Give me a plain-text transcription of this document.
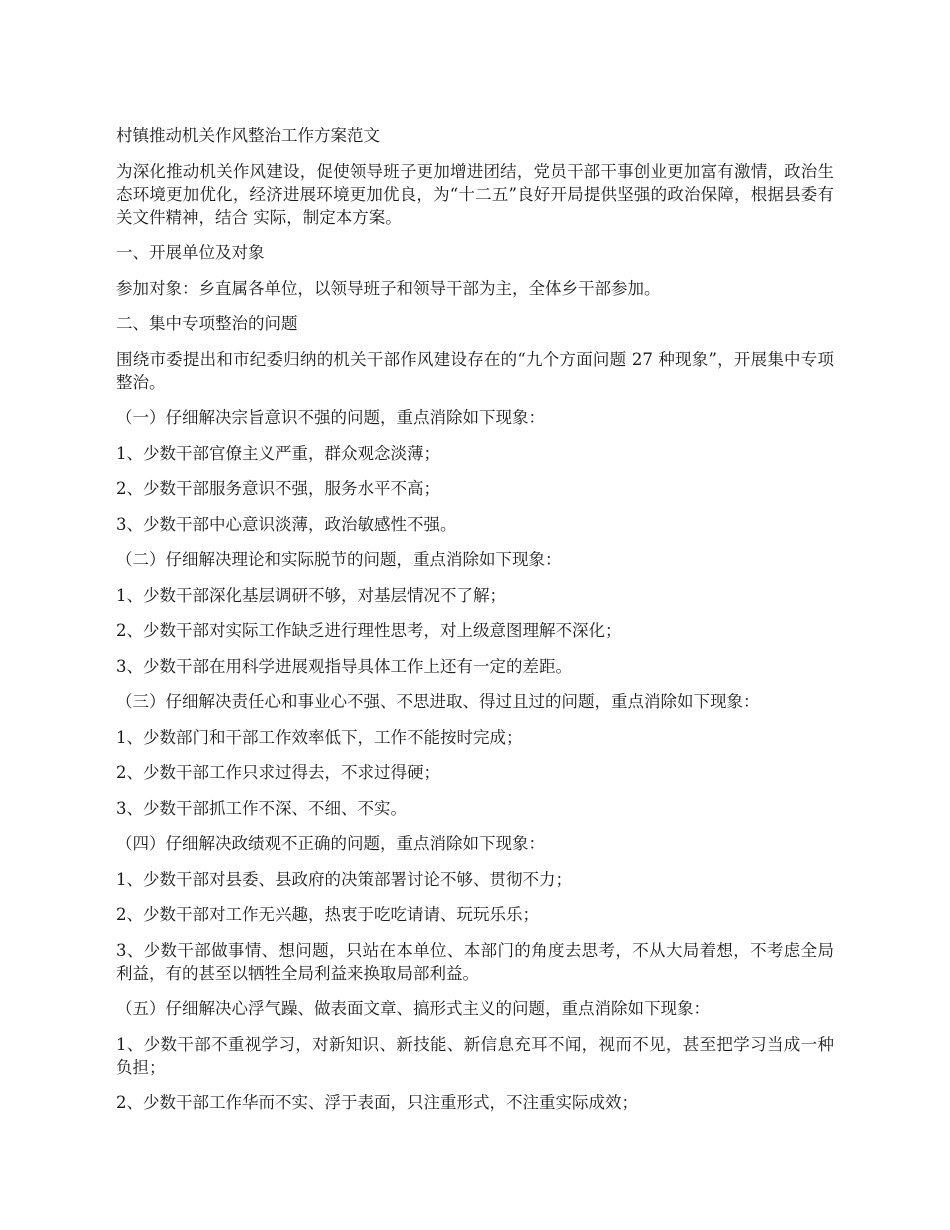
村镇推动机关作风整治工作方案范文

为深化推动机关作风建设，促使领导班子更加增进团结，党员干部干事创业更加富有激情，政治生态环境更加优化，经济进展环境更加优良，为“十二五”良好开局提供坚强的政治保障，根据县委有关文件精神，结合 实际，制定本方案。

一、开展单位及对象

参加对象：乡直属各单位，以领导班子和领导干部为主，全体乡干部参加。

二、集中专项整治的问题

围绕市委提出和市纪委归纳的机关干部作风建设存在的“九个方面问题 27 种现象”，开展集中专项整治。

（一）仔细解决宗旨意识不强的问题，重点消除如下现象：

1、少数干部官僚主义严重，群众观念淡薄；

2、少数干部服务意识不强，服务水平不高；

3、少数干部中心意识淡薄，政治敏感性不强。

（二）仔细解决理论和实际脱节的问题，重点消除如下现象：

1、少数干部深化基层调研不够，对基层情况不了解；

2、少数干部对实际工作缺乏进行理性思考，对上级意图理解不深化；

3、少数干部在用科学进展观指导具体工作上还有一定的差距。

（三）仔细解决责任心和事业心不强、不思进取、得过且过的问题，重点消除如下现象：

1、少数部门和干部工作效率低下，工作不能按时完成；

2、少数干部工作只求过得去，不求过得硬；

3、少数干部抓工作不深、不细、不实。

（四）仔细解决政绩观不正确的问题，重点消除如下现象：

1、少数干部对县委、县政府的决策部署讨论不够、贯彻不力；

2、少数干部对工作无兴趣，热衷于吃吃请请、玩玩乐乐；

3、少数干部做事情、想问题，只站在本单位、本部门的角度去思考，不从大局着想，不考虑全局利益，有的甚至以牺牲全局利益来换取局部利益。

（五）仔细解决心浮气躁、做表面文章、搞形式主义的问题，重点消除如下现象：

1、少数干部不重视学习，对新知识、新技能、新信息充耳不闻，视而不见，甚至把学习当成一种负担；

2、少数干部工作华而不实、浮于表面，只注重形式，不注重实际成效；
